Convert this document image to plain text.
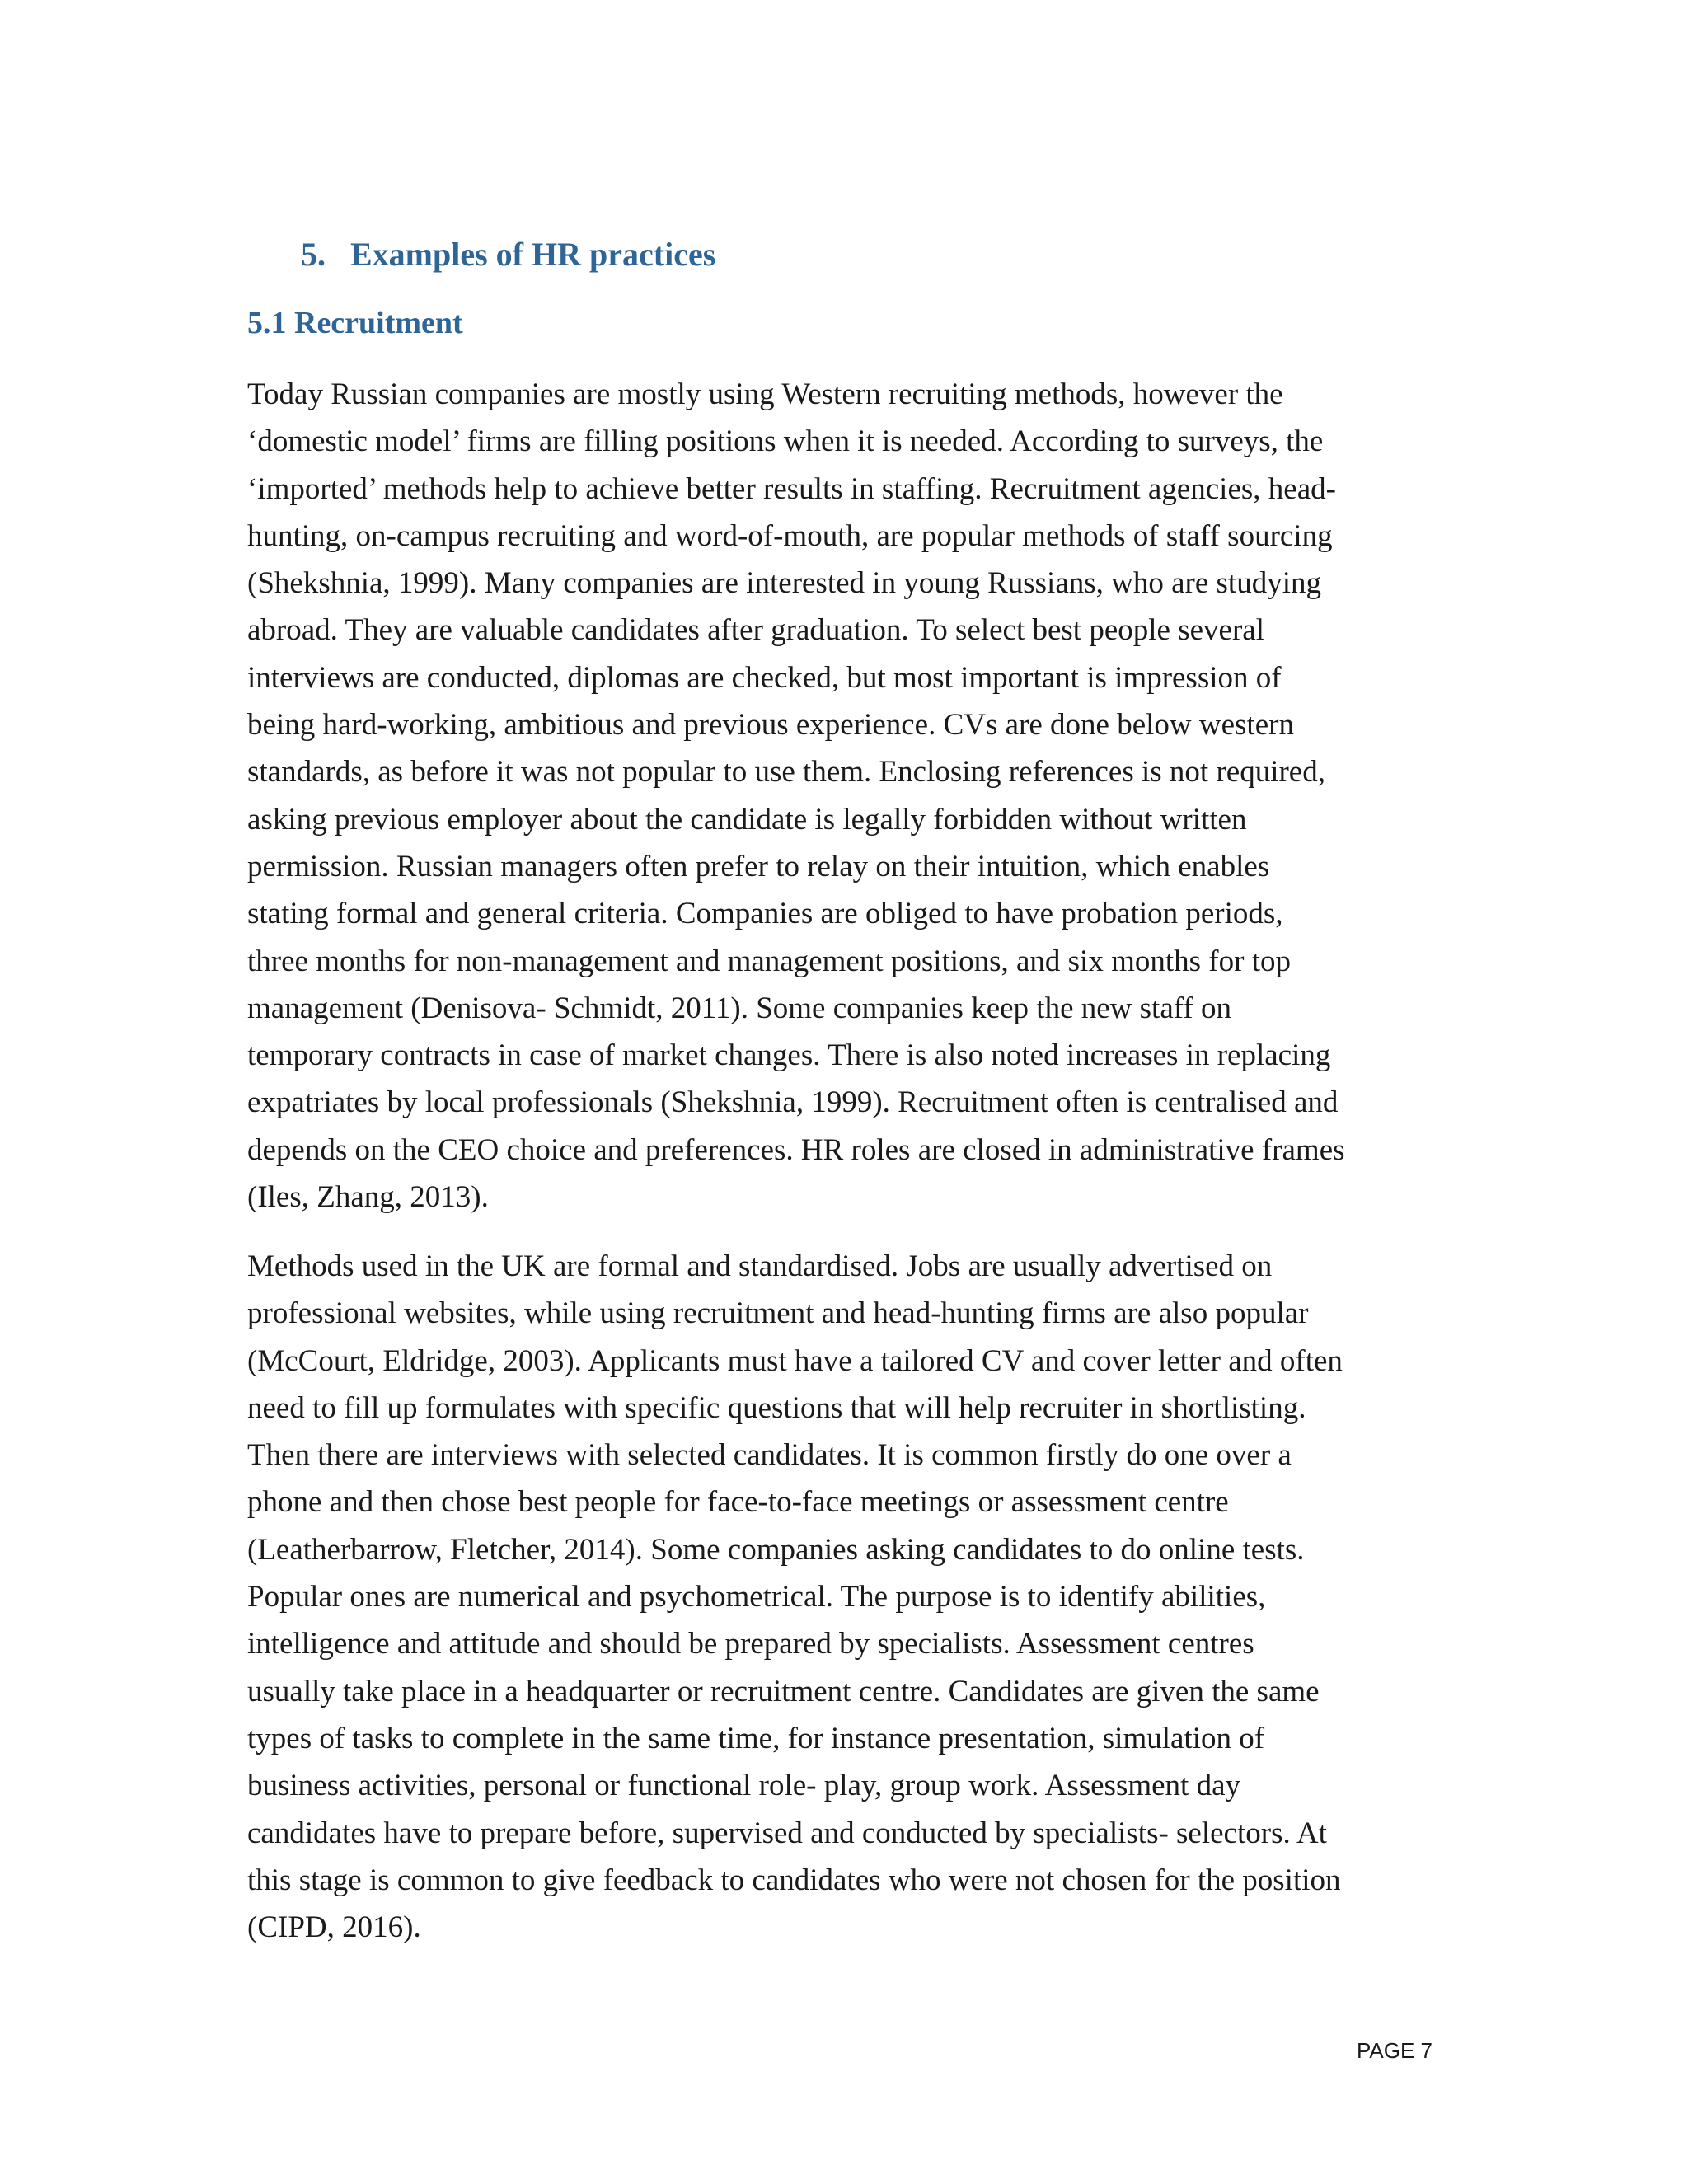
5. Examples of HR practices
5.1 Recruitment
Today Russian companies are mostly using Western recruiting methods, however the
‘domestic model’ firms are filling positions when it is needed. According to surveys, the
‘imported’ methods help to achieve better results in staffing. Recruitment agencies, head-
hunting, on-campus recruiting and word-of-mouth, are popular methods of staff sourcing
(Shekshnia, 1999). Many companies are interested in young Russians, who are studying
abroad. They are valuable candidates after graduation. To select best people several
interviews are conducted, diplomas are checked, but most important is impression of
being hard-working, ambitious and previous experience. CVs are done below western
standards, as before it was not popular to use them. Enclosing references is not required,
asking previous employer about the candidate is legally forbidden without written
permission. Russian managers often prefer to relay on their intuition, which enables
stating formal and general criteria. Companies are obliged to have probation periods,
three months for non-management and management positions, and six months for top
management (Denisova- Schmidt, 2011). Some companies keep the new staff on
temporary contracts in case of market changes. There is also noted increases in replacing
expatriates by local professionals (Shekshnia, 1999). Recruitment often is centralised and
depends on the CEO choice and preferences. HR roles are closed in administrative frames
(Iles, Zhang, 2013).
Methods used in the UK are formal and standardised. Jobs are usually advertised on
professional websites, while using recruitment and head-hunting firms are also popular
(McCourt, Eldridge, 2003). Applicants must have a tailored CV and cover letter and often
need to fill up formulates with specific questions that will help recruiter in shortlisting.
Then there are interviews with selected candidates. It is common firstly do one over a
phone and then chose best people for face-to-face meetings or assessment centre
(Leatherbarrow, Fletcher, 2014). Some companies asking candidates to do online tests.
Popular ones are numerical and psychometrical. The purpose is to identify abilities,
intelligence and attitude and should be prepared by specialists. Assessment centres
usually take place in a headquarter or recruitment centre. Candidates are given the same
types of tasks to complete in the same time, for instance presentation, simulation of
business activities, personal or functional role- play, group work. Assessment day
candidates have to prepare before, supervised and conducted by specialists- selectors. At
this stage is common to give feedback to candidates who were not chosen for the position
(CIPD, 2016).
PAGE 7
